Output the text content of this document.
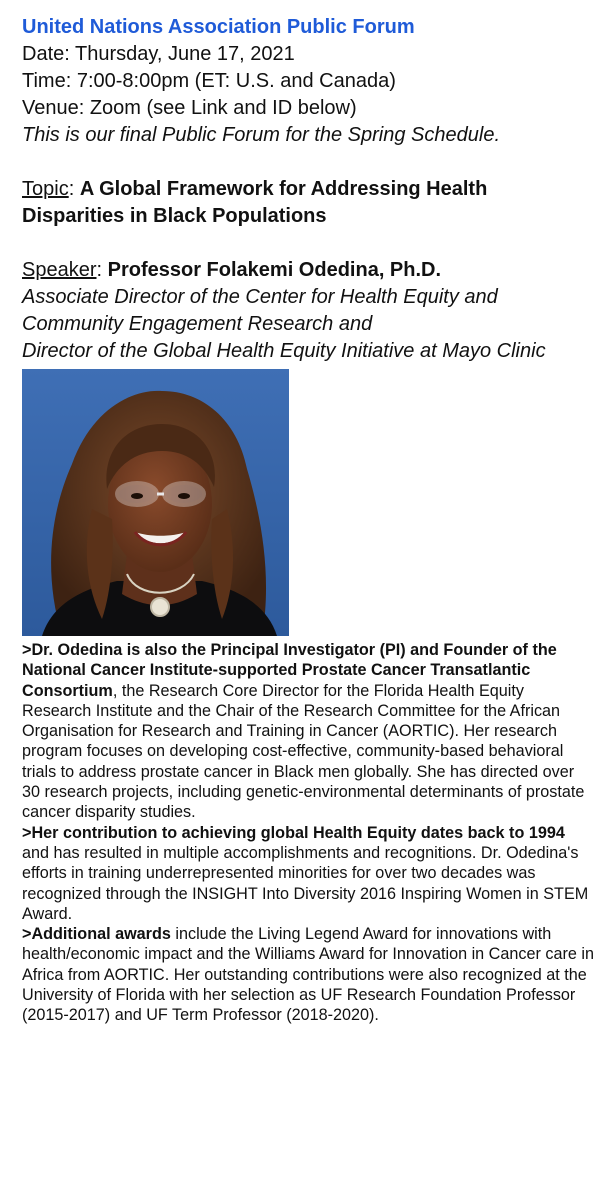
United Nations Association Public Forum
Date: Thursday, June 17, 2021
Time: 7:00-8:00pm (ET: U.S. and Canada)
Venue: Zoom (see Link and ID below)
This is our final Public Forum for the Spring Schedule.
Topic: A Global Framework for Addressing Health Disparities in Black Populations
Speaker: Professor Folakemi Odedina, Ph.D.
Associate Director of the Center for Health Equity and Community Engagement Research and
Director of the Global Health Equity Initiative at Mayo Clinic

>Dr. Odedina is also the Principal Investigator (PI) and Founder of the National Cancer Institute-supported Prostate Cancer Transatlantic Consortium, the Research Core Director for the Florida Health Equity Research Institute and the Chair of the Research Committee for the African Organisation for Research and Training in Cancer (AORTIC). Her research program focuses on developing cost-effective, community-based behavioral trials to address prostate cancer in Black men globally. She has directed over 30 research projects, including genetic-environmental determinants of prostate cancer disparity studies.

>Her contribution to achieving global Health Equity dates back to 1994 and has resulted in multiple accomplishments and recognitions. Dr. Odedina's efforts in training underrepresented minorities for over two decades was recognized through the INSIGHT Into Diversity 2016 Inspiring Women in STEM Award.

>Additional awards include the Living Legend Award for innovations with health/economic impact and the Williams Award for Innovation in Cancer care in Africa from AORTIC. Her outstanding contributions were also recognized at the University of Florida with her selection as UF Research Foundation Professor (2015-2017) and UF Term Professor (2018-2020).
